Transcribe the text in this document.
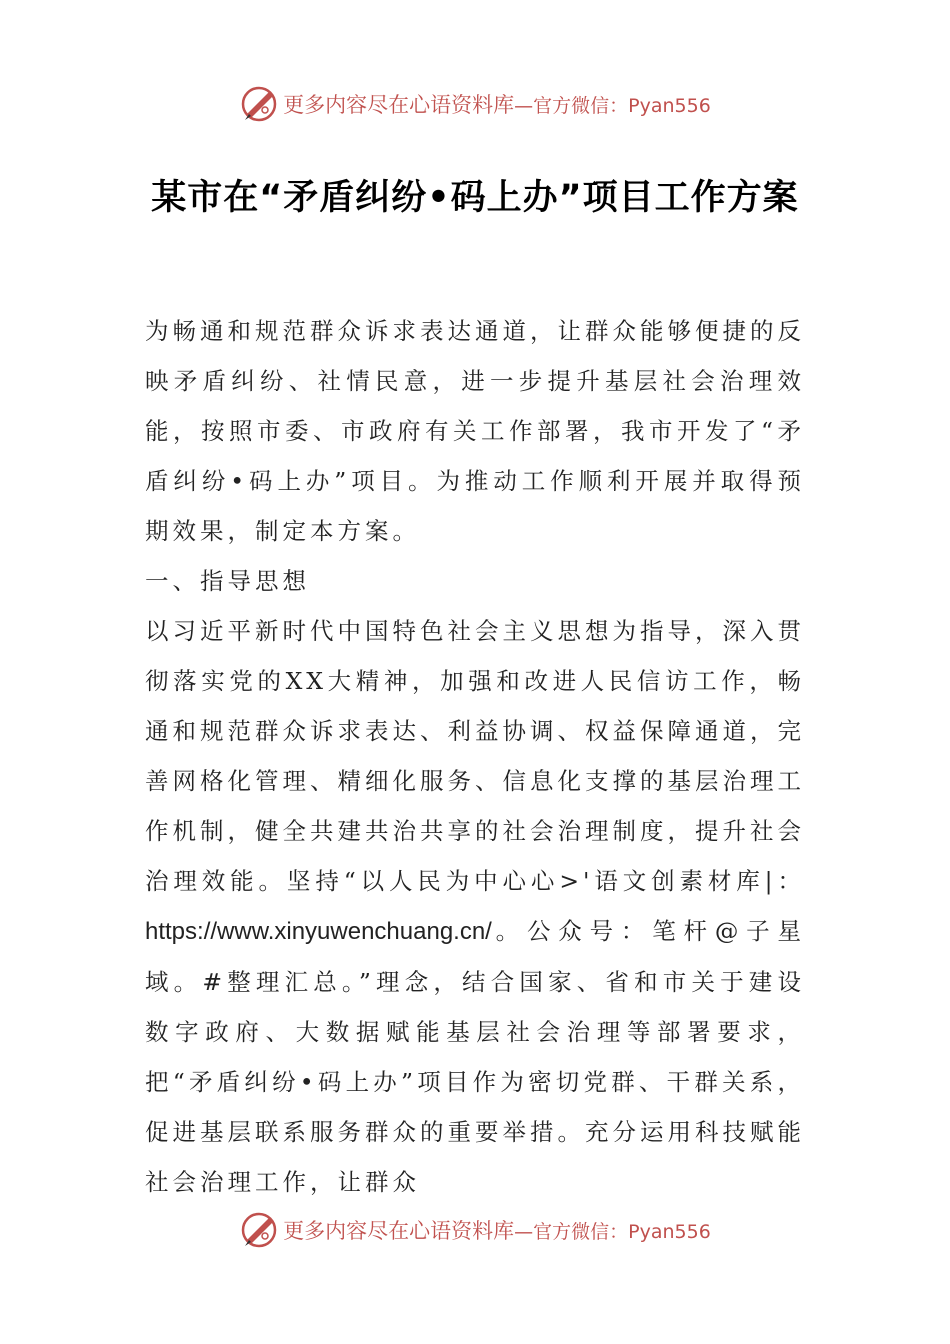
更多内容尽在心语资料库 —官方微信：Pyan556
某市在“矛盾纠纷•码上办”项目工作方案

为畅通和规范群众诉求表达通道，让群众能够便捷的反映矛盾纠纷、社情民意，进一步提升基层社会治理效能，按照市委、市政府有关工作部署，我市开发了“矛盾纠纷•码上办”项目。为推动工作顺利开展并取得预期效果，制定本方案。

一、指导思想

以习近平新时代中国特色社会主义思想为指导，深入贯彻落实党的XX大精神，加强和改进人民信访工作，畅通和规范群众诉求表达、利益协调、权益保障通道，完善网格化管理、精细化服务、信息化支撑的基层治理工作机制，健全共建共治共享的社会治理制度，提升社会治理效能。坚持“以人民为中心心>'语文创素材库|：https://www.xinyuwenchuang.cn/。公众号：笔杆@子星域。#整理汇总。”理念，结合国家、省和市关于建设数字政府、大数据赋能基层社会治理等部署要求，把“矛盾纠纷•码上办”项目作为密切党群、干群关系，促进基层联系服务群众的重要举措。充分运用科技赋能社会治理工作，让群众

更多内容尽在心语资料库 —官方微信：Pyan556
